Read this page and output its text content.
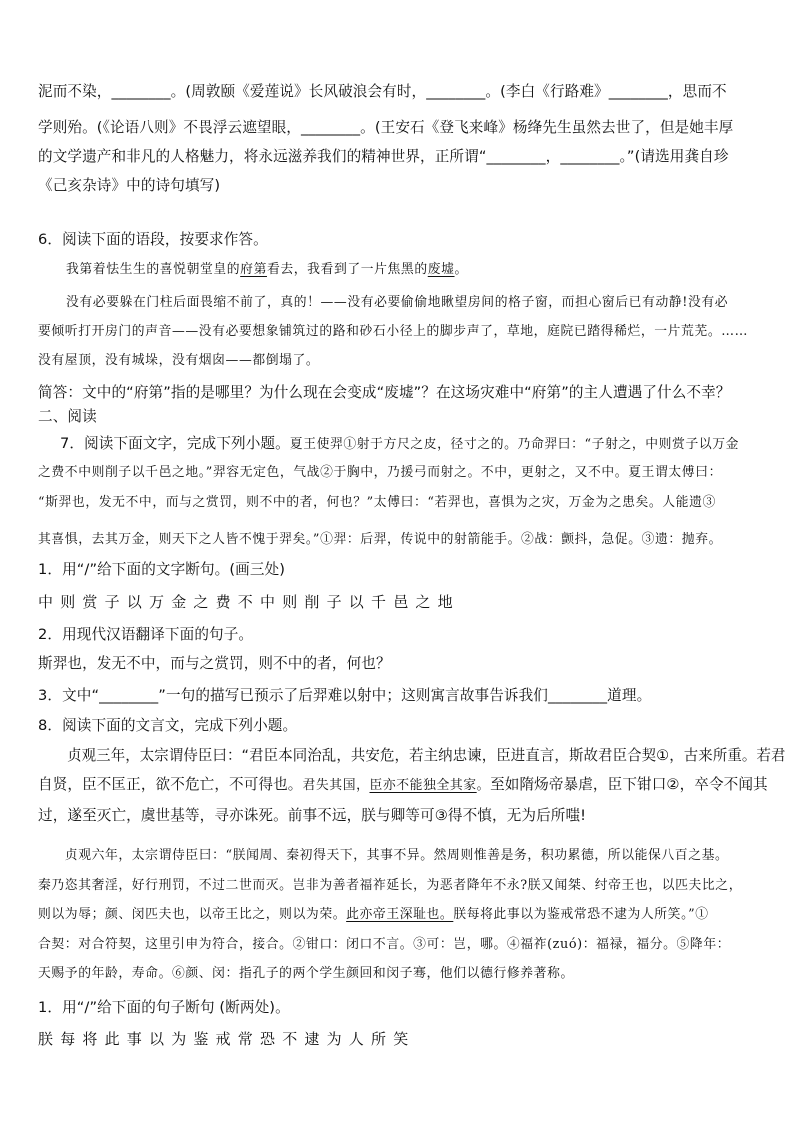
泥而不染，________。(周敦颐《爱莲说》长风破浪会有时，________。(李白《行路难》________，思而不
学则殆。(《论语八则》不畏浮云遮望眼，________。(王安石《登飞来峰》杨绛先生虽然去世了，但是她丰厚
的文学遗产和非凡的人格魅力，将永远滋养我们的精神世界，正所谓“________，________。”(请选用龚自珍
《己亥杂诗》中的诗句填写)
6．阅读下面的语段，按要求作答。
我第着怯生生的喜悦朝堂皇的府第看去，我看到了一片焦黑的废墟。
没有必要躲在门柱后面畏缩不前了，真的！——没有必要偷偷地瞅望房间的格子窗，而担心窗后已有动静!没有必
要倾听打开房门的声音——没有必要想象铺筑过的路和砂石小径上的脚步声了，草地，庭院已踏得稀烂，一片荒芜。……
没有屋顶，没有城垛，没有烟囱——都倒塌了。
简答：文中的“府第”指的是哪里？为什么现在会变成“废墟”？在这场灾难中“府第”的主人遭遇了什么不幸？
二、阅读
7．阅读下面文字，完成下列小题。夏王使羿①射于方尺之皮，径寸之的。乃命羿曰：“子射之，中则赏子以万金
之费不中则削子以千邑之地。”羿容无定色，气战②于胸中，乃援弓而射之。不中，更射之，又不中。夏王谓太傅曰：
“斯羿也，发无不中，而与之赏罚，则不中的者，何也？”太傅曰：“若羿也，喜惧为之灾，万金为之患矣。人能遗③
其喜惧，去其万金，则天下之人皆不愧于羿矣。”①羿：后羿，传说中的射箭能手。②战：颤抖，急促。③遗：抛弃。
1．用“/”给下面的文字断句。(画三处)
中则赏子以万金之费不中则削子以千邑之地
2．用现代汉语翻译下面的句子。
斯羿也，发无不中，而与之赏罚，则不中的者，何也？
3．文中“________”一句的描写已预示了后羿难以射中；这则寓言故事告诉我们________道理。
8．阅读下面的文言文，完成下列小题。
　　贞观三年，太宗谓侍臣曰：“君臣本同治乱，共安危，若主纳忠谏，臣进直言，斯故君臣合契①，古来所重。若君
自贤，臣不匡正，欲不危亡，不可得也。君失其国，臣亦不能独全其家。至如隋炀帝暴虐，臣下钳口②，卒令不闻其
过，遂至灭亡，虞世基等，寻亦诛死。前事不远，朕与卿等可③得不慎，无为后所嗤!
　　贞观六年，太宗谓侍臣曰：“朕闻周、秦初得天下，其事不异。然周则惟善是务，积功累德，所以能保八百之基。
秦乃恣其奢淫，好行刑罚，不过二世而灭。岂非为善者福祚延长，为恶者降年不永?朕又闻桀、纣帝王也，以匹夫比之，
则以为辱；颜、闵匹夫也，以帝王比之，则以为荣。此亦帝王深耻也。朕每将此事以为鉴戒常恐不逮为人所笑。”①
合契：对合符契，这里引申为符合，接合。②钳口：闭口不言。③可：岂，哪。④福祚(zuó)：福禄，福分。⑤降年：
天赐予的年龄，寿命。⑥颜、闵：指孔子的两个学生颜回和闵子骞，他们以德行修养著称。
1．用“/”给下面的句子断句 (断两处)。
朕每将此事以为鉴戒常恐不逮为人所笑
